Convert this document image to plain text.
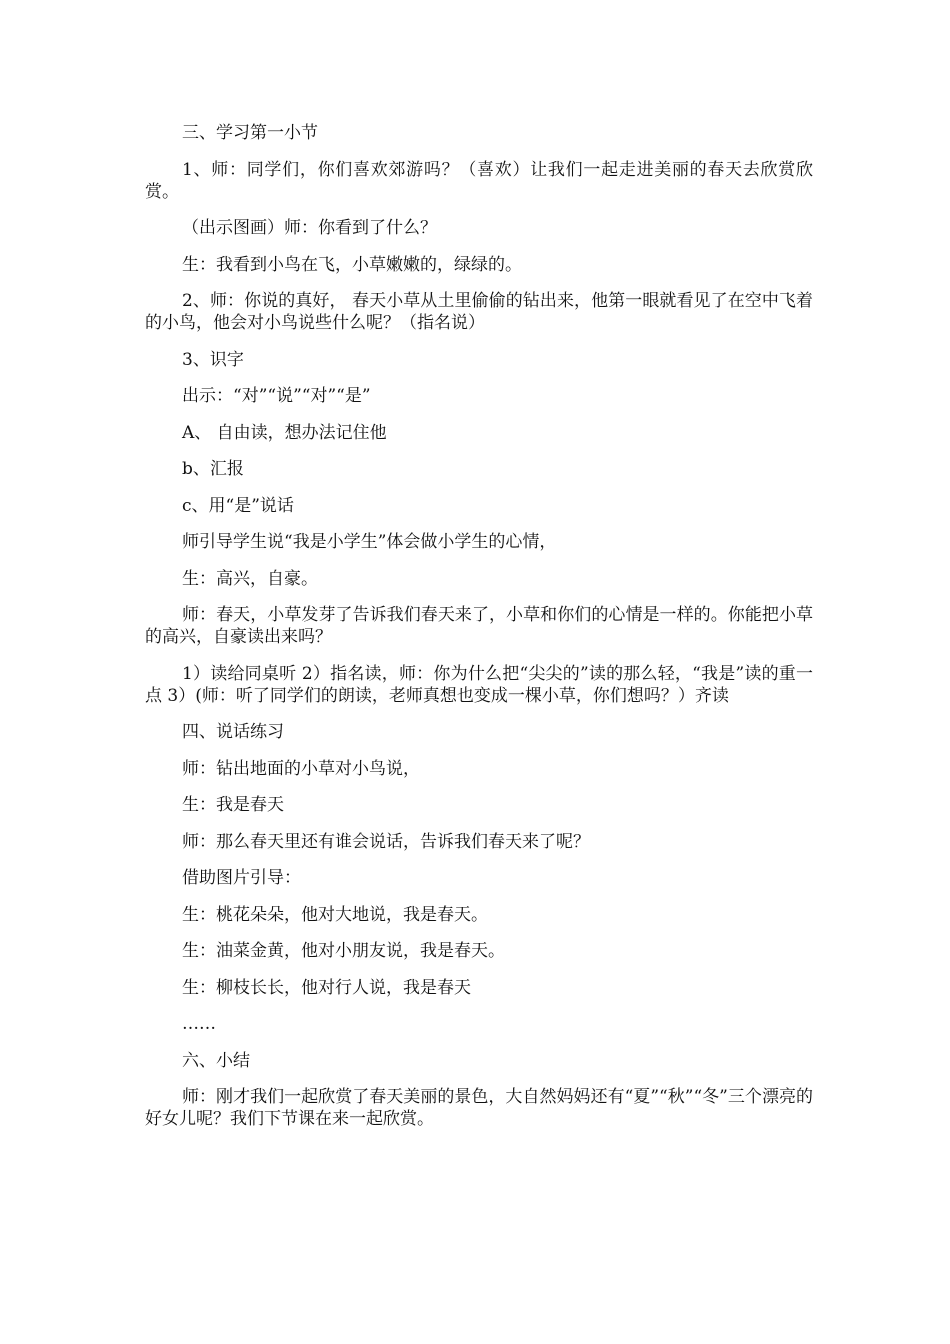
三、学习第一小节

1、师：同学们，你们喜欢郊游吗？（喜欢）让我们一起走进美丽的春天去欣赏欣赏。

（出示图画）师：你看到了什么？

生：我看到小鸟在飞，小草嫩嫩的，绿绿的。

2、师：你说的真好， 春天小草从土里偷偷的钻出来，他第一眼就看见了在空中飞着的小鸟，他会对小鸟说些什么呢？（指名说）

3、识字

出示：“对”“说”“对”“是”

A、 自由读，想办法记住他

b、汇报

c、用“是”说话

师引导学生说“我是小学生”体会做小学生的心情，

生：高兴，自豪。

师：春天，小草发芽了告诉我们春天来了，小草和你们的心情是一样的。你能把小草的高兴，自豪读出来吗？

1）读给同桌听 2）指名读，师：你为什么把“尖尖的”读的那么轻，“我是”读的重一点 3）(师：听了同学们的朗读，老师真想也变成一棵小草，你们想吗？）齐读

四、说话练习

师：钻出地面的小草对小鸟说，

生：我是春天

师：那么春天里还有谁会说话，告诉我们春天来了呢？

借助图片引导：

生：桃花朵朵，他对大地说，我是春天。

生：油菜金黄，他对小朋友说，我是春天。

生：柳枝长长，他对行人说，我是春天

……

六、小结

师：刚才我们一起欣赏了春天美丽的景色，大自然妈妈还有“夏”“秋”“冬”三个漂亮的好女儿呢？我们下节课在来一起欣赏。
